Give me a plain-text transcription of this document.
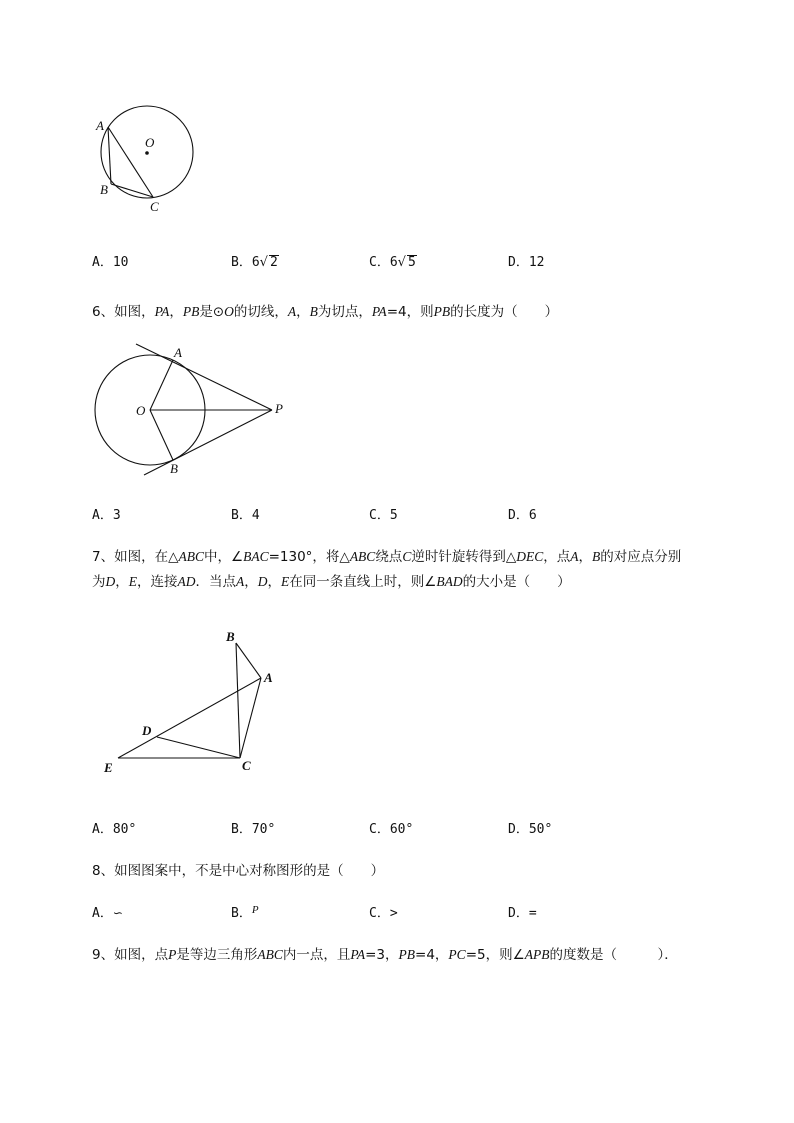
A
O
B
C
A．10	B．6√ 2	C．6√ 5	D．12
6、如图，PA，PB是⊙O的切线，A，B为切点，PA=4，则PB的长度为（　　）
A
O	P
B
A．3	B．4	C．5	D．6
7、如图，在△ABC中，∠BAC=130°，将△ABC绕点C逆时针旋转得到△DEC，点A，B的对应点分别
为D，E，连接AD．当点A，D，E在同一条直线上时，则∠BAD的大小是（　　）
B
A
D
E	C
A．80°	B．70°	C．60°	D．50°
8、如图图案中，不是中心对称图形的是（　　）
A．∽	B．$^P$	C．>	D．=
9、如图，点P是等边三角形ABC内一点，且PA=3，PB=4，PC=5，则∠APB的度数是（　　　）．
